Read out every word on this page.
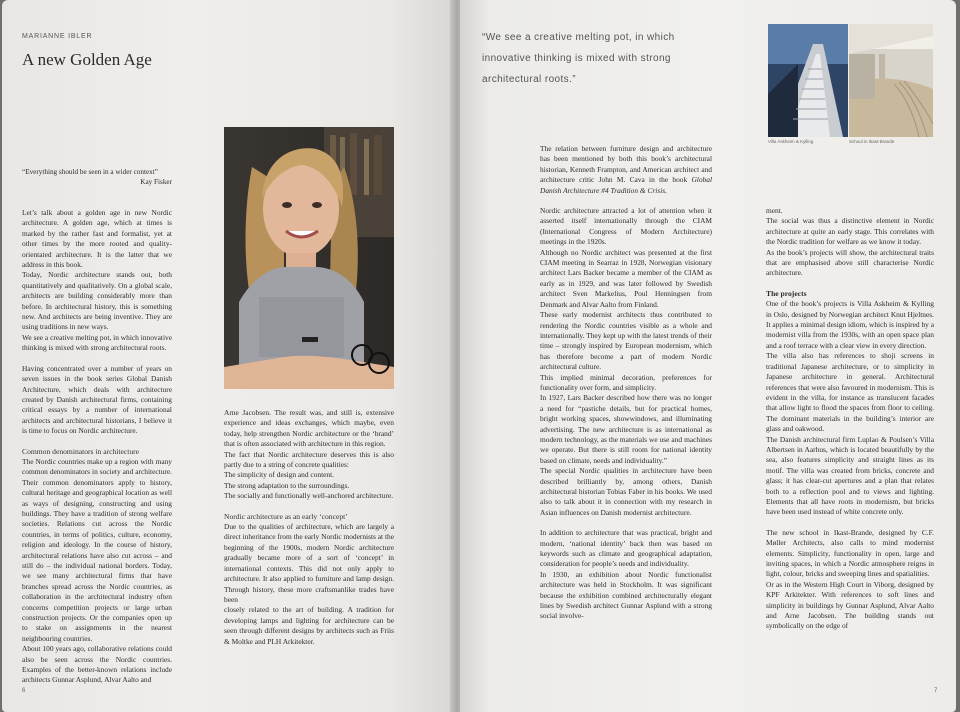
MARIANNE IBLER
A new Golden Age
“Everything should be seen in a wider context”
Kay Fisker

Let’s talk about a golden age in new Nordic architecture. A golden age, which at times is marked by the rather fast and formalist, yet at other times by the more rooted and quality-orientated architecture. It is the latter that we address in this book.

Today, Nordic architecture stands out, both quantitatively and qualitatively. On a global scale, architects are building considerably more than before. In architectural history, this is something new. And architects are being inventive. They are using traditions in new ways.

We see a creative melting pot, in which innovative thinking is mixed with strong architectural roots.

Having concentrated over a number of years on seven issues in the book series Global Danish Architecture, which deals with architecture created by Danish architectural firms, containing critical essays by a number of international architects and architectural historians, I believe it is time to focus on Nordic architecture.

Common denominators in architecture

The Nordic countries make up a region with many common denominators in society and architecture. Their common denominators apply to history, cultural heritage and geographical location as well as ways of designing, constructing and using buildings. They have a tradition of strong welfare societies. Relations cut across the Nordic countries, in terms of politics, culture, economy, religion and ideology. In the course of history, architectural relations have also cut across – and still do – the individual national borders. Today, we see many architectural firms that have branches spread across the Nordic countries, as collaboration in the architectural industry often concerns competition projects or large urban construction projects. Or the companies open up to stake on assignments in the nearest neighbouring countries.

About 100 years ago, collaborative relations could also be seen across the Nordic countries. Examples of the better-known relations include architects Gunnar Asplund, Alvar Aalto and

Arne Jacobsen. The result was, and still is, extensive experience and ideas exchanges, which maybe, even today, help strengthen Nordic architecture or the ‘brand’ that is often associated with architecture in this region.

The fact that Nordic architecture deserves this is also partly due to a string of concrete qualities:

The simplicity of design and content.

The strong adaptation to the surroundings.

The socially and functionally well-anchored architecture.

Nordic architecture as an early ‘concept’

Due to the qualities of architecture, which are largely a direct inheritance from the early Nordic modernists at the beginning of the 1900s, modern Nordic architecture gradually became more of a sort of ‘concept’ in international contexts. This did not only apply to architecture. It also applied to furniture and lamp design. Through history, these more craftsmanlike trades have been

closely related to the art of building. A tradition for developing lamps and lighting for architecture can be seen through different designs by architects such as Friis & Moltke and PLH Arkitekter.

6
“We see a creative melting pot, in which innovative thinking is mixed with strong architectural roots.”
Villa Askheim & Kylling	School in Ikast-Brande

The relation between furniture design and architecture has been mentioned by both this book’s architectural historian, Kenneth Frampton, and American architect and architecture critic John M. Cava in the book Global Danish Architecture #4 Tradition & Crisis.

Nordic architecture attracted a lot of attention when it asserted itself internationally through the CIAM (International Congress of Modern Architecture) meetings in the 1920s.

Although no Nordic architect was presented at the first CIAM meeting in Searraz in 1928, Norwegian visionary architect Lars Backer became a member of the CIAM as early as in 1929, and was later followed by Swedish architect Sven Markelius, Poul Henningsen from Denmark and Alvar Aalto from Finland.

These early modernist architects thus contributed to rendering the Nordic countries visible as a whole and internationally. They kept up with the latest trends of their time – strongly inspired by European modernism, which has therefore become a part of modern Nordic architectural culture.

This implied minimal decoration, preferences for functionality over form, and simplicity.

In 1927, Lars Backer described how there was no longer a need for “pastiche details, but for practical homes, bright working spaces, showwindows, and illuminating advertising. The new architecture is as international as modern technology, as the materials we use and machines we operate. But there is still room for national identity based on climate, needs and individuality.”

The special Nordic qualities in architecture have been described brilliantly by, among others, Danish architectural historian Tobias Faber in his books. We used also to talk about it in connection with my research in Asian influences on Danish modernist architecture.

In addition to architecture that was practical, bright and modern, ‘national identity’ back then was based on keywords such as climate and geographical adaptation, consideration for people’s needs and individuality.

In 1930, an exhibition about Nordic functionalist architecture was held in Stockholm. It was significant because the exhibition combined architecturally elegant lines by Swedish architect Gunnar Asplund with a strong social involve-

ment.

The social was thus a distinctive element in Nordic architecture at quite an early stage. This correlates with the Nordic tradition for welfare as we know it today.

As the book’s projects will show, the architectural traits that are emphasised above still characterise Nordic architecture.

The projects

One of the book’s projects is Villa Askheim & Kylling in Oslo, designed by Norwegian architect Knut Hjeltnes. It applies a minimal design idiom, which is inspired by a modernist villa from the 1930s, with an open space plan and a roof terrace with a clear view in every direction.

The villa also has references to shoji screens in traditional Japanese architecture, or to simplicity in Japanese architecture in general. Architectural references that were also favoured in modernism. This is evident in the villa, for instance as translucent facades that allow light to flood the spaces from floor to ceiling. The dominant materials in the building’s interior are glass and oakwood.

The Danish architectural firm Luplao & Poulsen’s Villa Albertsen in Aarhus, which is located beautifully by the sea, also features simplicity and straight lines as its motif. The villa was created from bricks, concrete and glass; it has clear-cut apertures and a plan that relates both to a reflection pool and to views and lighting. Elements that all have roots in modernism, but bricks have been used instead of white concrete only.

The new school in Ikast-Brande, designed by C.F. Møller Architects, also calls to mind modernist elements. Simplicity, functionality in open, large and inviting spaces, in which a Nordic atmosphere reigns in light, colour, bricks and sweeping lines and spatialities.

Or as in the Western High Court in Viborg, designed by KPF Arkitekter. With references to soft lines and simplicity in buildings by Gunnar Asplund, Alvar Aalto and Arne Jacobsen. The building stands out symbolically on the edge of

7
